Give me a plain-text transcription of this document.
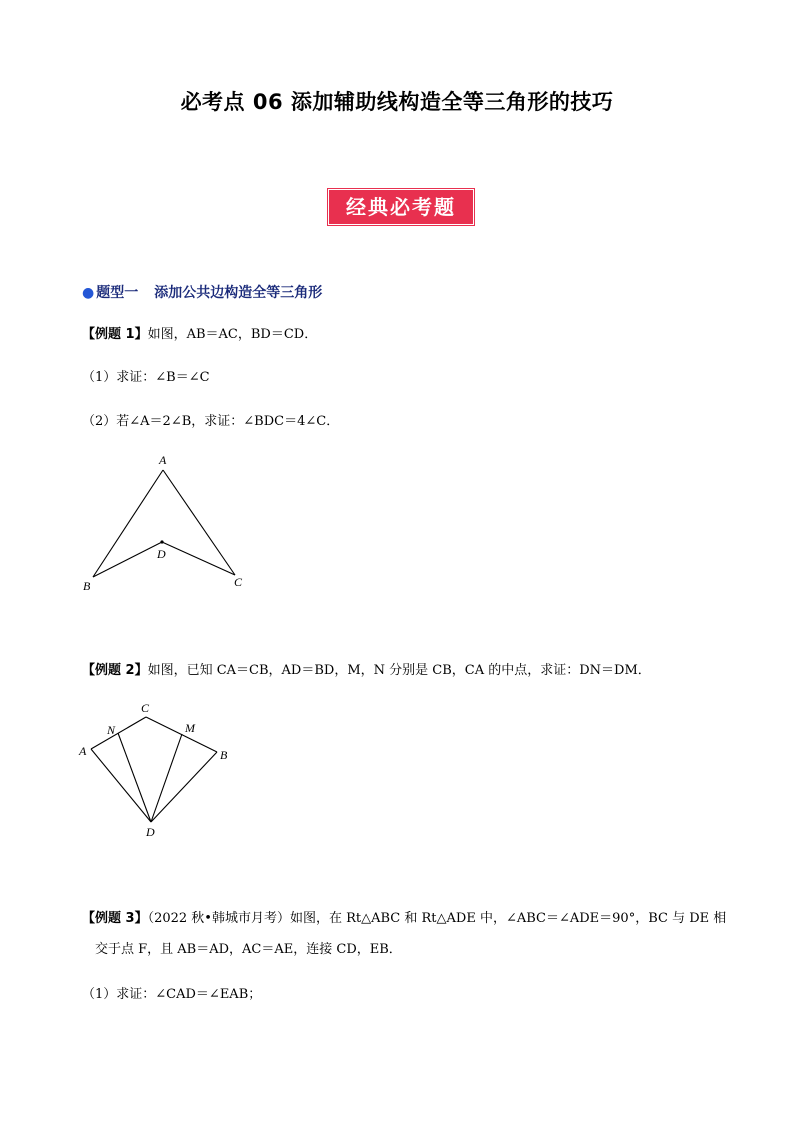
必考点 06 添加辅助线构造全等三角形的技巧
经典必考题
● 题型一 添加公共边构造全等三角形
【例题 1】如图，AB＝AC，BD＝CD．
（1）求证：∠B＝∠C
（2）若∠A＝2∠B，求证：∠BDC＝4∠C．
A
B	C
D
【例题 2】如图，已知 CA＝CB，AD＝BD，M，N 分别是 CB，CA 的中点，求证：DN＝DM．
C
N	M
A	B
D
【例题 3】（2022 秋•韩城市月考）如图，在 Rt△ABC 和 Rt△ADE 中，∠ABC＝∠ADE＝90°，BC 与 DE 相
交于点 F，且 AB＝AD，AC＝AE，连接 CD，EB．
（1）求证：∠CAD＝∠EAB；
